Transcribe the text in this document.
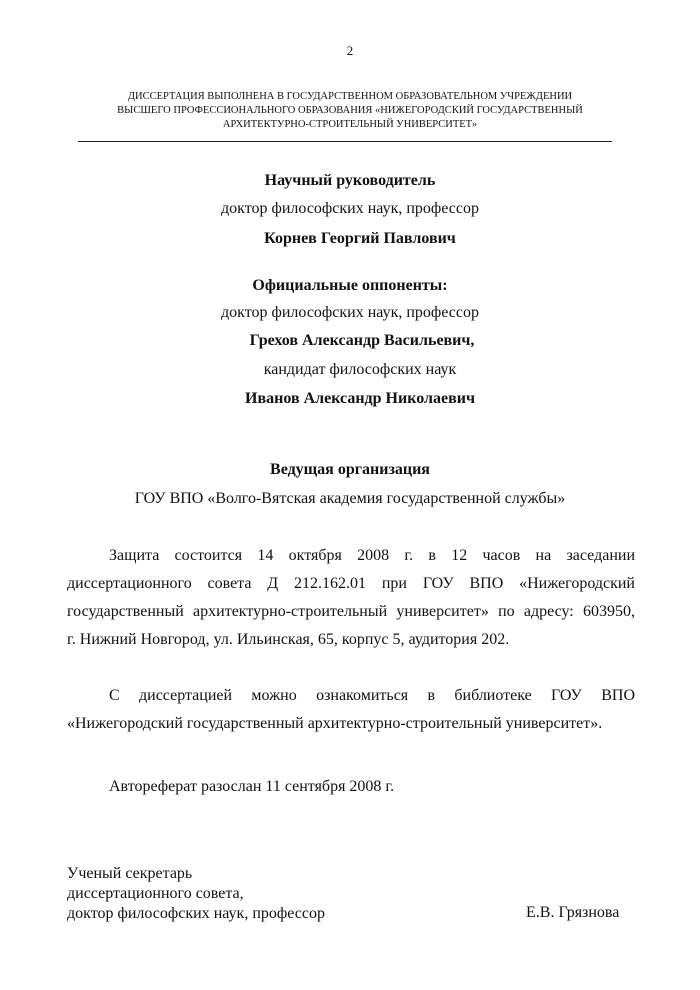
2
ДИССЕРТАЦИЯ ВЫПОЛНЕНА В ГОСУДАРСТВЕННОМ ОБРАЗОВАТЕЛЬНОМ УЧРЕЖДЕНИИ
ВЫСШЕГО ПРОФЕССИОНАЛЬНОГО ОБРАЗОВАНИЯ «НИЖЕГОРОДСКИЙ ГОСУДАРСТВЕННЫЙ
АРХИТЕКТУРНО-СТРОИТЕЛЬНЫЙ УНИВЕРСИТЕТ»
Научный руководитель
доктор философских наук, профессор
Корнев Георгий Павлович
Официальные оппоненты:
доктор философских наук, профессор
Грехов Александр Васильевич,
кандидат философских наук
Иванов Александр Николаевич
Ведущая организация
ГОУ ВПО «Волго-Вятская академия государственной службы»
Защита состоится 14 октября 2008 г. в 12 часов на заседании
диссертационного совета Д 212.162.01 при ГОУ ВПО «Нижегородский
государственный архитектурно-строительный университет» по адресу: 603950,
г. Нижний Новгород, ул. Ильинская, 65, корпус 5, аудитория 202.
С диссертацией можно ознакомиться в библиотеке ГОУ ВПО
«Нижегородский государственный архитектурно-строительный университет».
Автореферат разослан 11 сентября 2008 г.
Ученый секретарь
диссертационного совета,
доктор философских наук, профессор	Е.В. Грязнова
